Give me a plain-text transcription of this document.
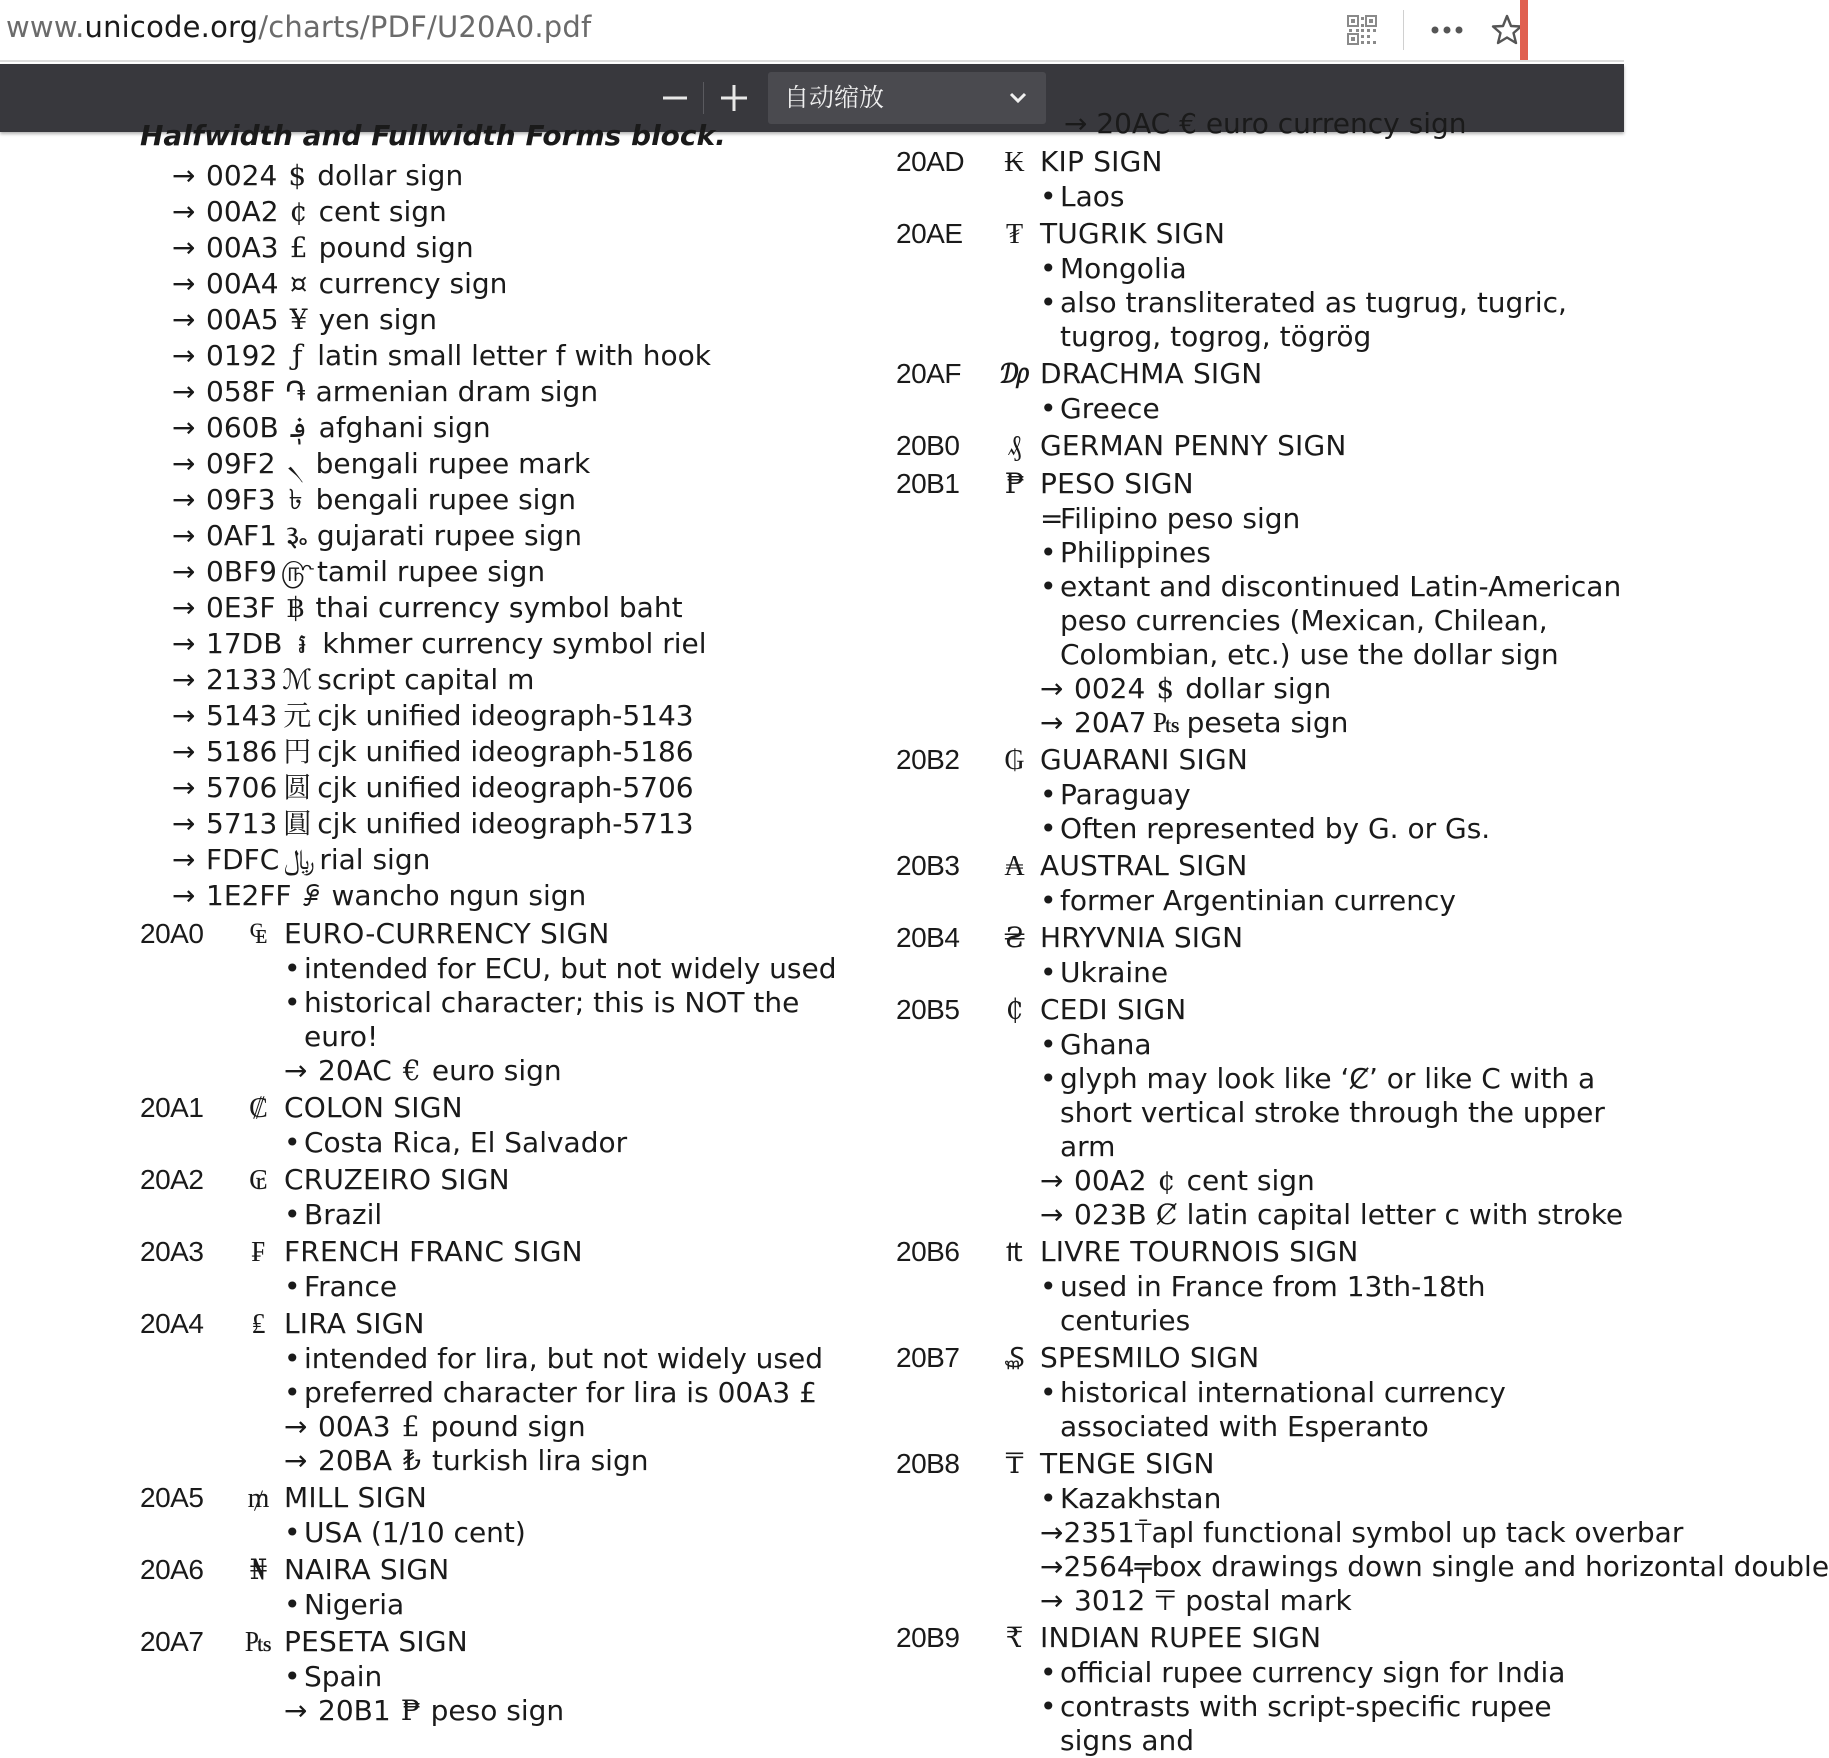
www.unicode.org/charts/PDF/U20A0.pdf
自动缩放
Halfwidth and Fullwidth Forms block.
→ 0024 $ dollar sign
→ 00A2 ¢ cent sign
→ 00A3 £ pound sign
→ 00A4 ¤ currency sign
→ 00A5 ¥ yen sign
→ 0192 ƒ latin small letter f with hook
→ 058F ֏ armenian dram sign
→ 060B ؋ afghani sign
→ 09F2 ৲ bengali rupee mark
→ 09F3 ৳ bengali rupee sign
→ 0AF1 ૱ gujarati rupee sign
→ 0BF9 ௹ tamil rupee sign
→ 0E3F ฿ thai currency symbol baht
→ 17DB ៛ khmer currency symbol riel
→ 2133 ℳ script capital m
→ 5143 元 cjk unified ideograph-5143
→ 5186 円 cjk unified ideograph-5186
→ 5706 圆 cjk unified ideograph-5706
→ 5713 圓 cjk unified ideograph-5713
→ FDFC ﷼ rial sign
→ 1E2FF 𞋿 wancho ngun sign
20A0	₠ EURO-CURRENCY SIGN
• intended for ECU, but not widely used
• historical character; this is NOT the euro!
→ 20AC € euro sign
20A1	₡ COLON SIGN
• Costa Rica, El Salvador
20A2	₢ CRUZEIRO SIGN
• Brazil
20A3	₣ FRENCH FRANC SIGN
• France
20A4	₤ LIRA SIGN
• intended for lira, but not widely used
• preferred character for lira is 00A3 £
→ 00A3 £ pound sign
→ 20BA ₺ turkish lira sign
20A5	₥ MILL SIGN
• USA (1/10 cent)
20A6	₦ NAIRA SIGN
• Nigeria
20A7	₧ PESETA SIGN
• Spain
→ 20B1 ₱ peso sign
→ 20AC € euro currency sign
20AD	₭ KIP SIGN
• Laos
20AE	₮ TUGRIK SIGN
• Mongolia
• also transliterated as tugrug, tugric, tugrog, togrog, tögrög
20AF	₯ DRACHMA SIGN
• Greece
20B0	₰ GERMAN PENNY SIGN
20B1	₱ PESO SIGN
=
Filipino peso sign
• Philippines
• extant and discontinued Latin-American peso currencies (Mexican, Chilean, Colombian, etc.) use the dollar sign
→ 0024 $ dollar sign
→ 20A7 ₧ peseta sign
20B2	₲ GUARANI SIGN
• Paraguay
• Often represented by G. or Gs.
20B3	₳ AUSTRAL SIGN
• former Argentinian currency
20B4	₴ HRYVNIA SIGN
• Ukraine
20B5	₵ CEDI SIGN
• Ghana
• glyph may look like ‘Ȼ’ or like C with a short vertical stroke through the upper arm
→ 00A2 ¢ cent sign
→ 023B Ȼ latin capital letter c with stroke
20B6	₶ LIVRE TOURNOIS SIGN
• used in France from 13th-18th centuries
20B7	₷ SPESMILO SIGN
• historical international currency associated with Esperanto
20B8	₸ TENGE SIGN
• Kazakhstan
→ 2351 ⍑ apl functional symbol up tack overbar
→ 2564 ╤ box drawings down single and horizontal double
→ 3012 〒 postal mark
20B9	₹ INDIAN RUPEE SIGN
• official rupee currency sign for India
• contrasts with script-specific rupee signs and
